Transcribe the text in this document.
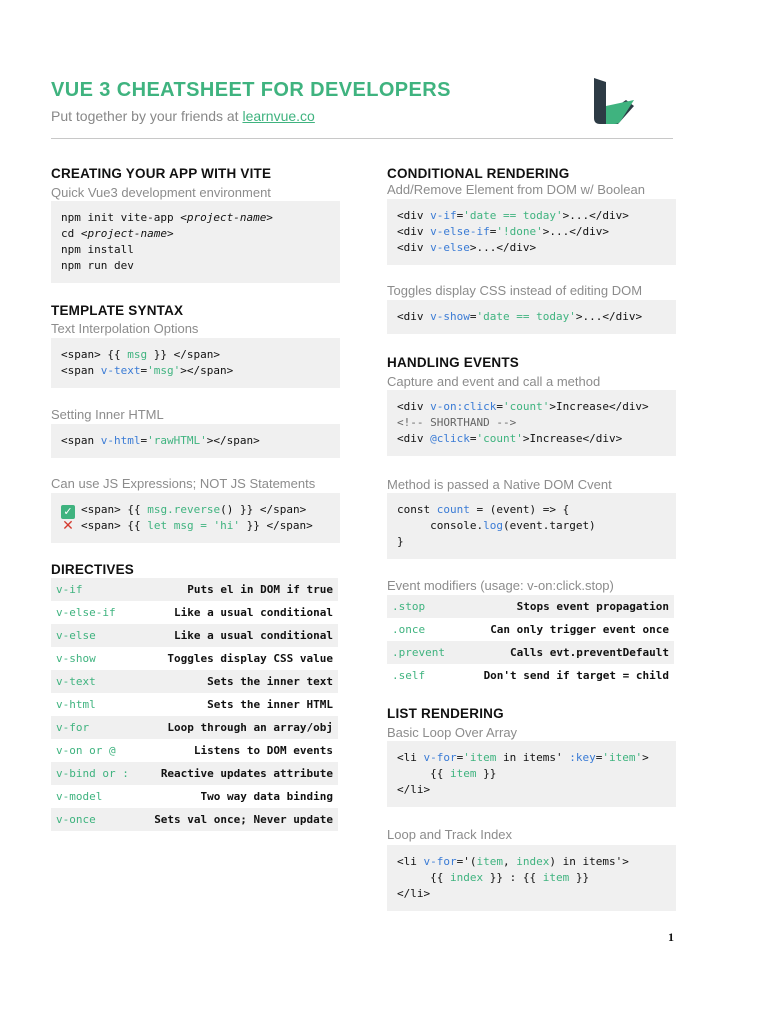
VUE 3 CHEATSHEET FOR DEVELOPERS
Put together by your friends at learnvue.co
CREATING YOUR APP WITH VITE
Quick Vue3 development environment
npm init vite-app <project-name>
cd <project-name>
npm install
npm run dev
TEMPLATE SYNTAX
Text Interpolation Options
<span> {{ msg }} </span>
<span v-text='msg'></span>
Setting Inner HTML
<span v-html='rawHTML'></span>
Can use JS Expressions; NOT JS Statements
✓ <span> {{ msg.reverse() }} </span>
✕ <span> {{ let msg = 'hi' }} </span>
DIRECTIVES
v-if	Puts el in DOM if true
v-else-if	Like a usual conditional
v-else	Like a usual conditional
v-show	Toggles display CSS value
v-text	Sets the inner text
v-html	Sets the inner HTML
v-for	Loop through an array/obj
v-on or @	Listens to DOM events
v-bind or :	Reactive updates attribute
v-model	Two way data binding
v-once	Sets val once; Never update
CONDITIONAL RENDERING
Add/Remove Element from DOM w/ Boolean
<div v-if='date == today'>...</div>
<div v-else-if='!done'>...</div>
<div v-else>...</div>
Toggles display CSS instead of editing DOM
<div v-show='date == today'>...</div>
HANDLING EVENTS
Capture and event and call a method
<div v-on:click='count'>Increase</div>
<!-- SHORTHAND -->
<div @click='count'>Increase</div>
Method is passed a Native DOM Cvent
const count = (event) => {
console.log(event.target)
}
Event modifiers (usage: v-on:click.stop)
.stop	Stops event propagation
.once	Can only trigger event once
.prevent	Calls evt.preventDefault
.self	Don't send if target = child
LIST RENDERING
Basic Loop Over Array
<li v-for='item in items' :key='item'>
{{ item }}
</li>
Loop and Track Index
<li v-for='(item, index) in items'>
{{ index }} : {{ item }}
</li>
1
